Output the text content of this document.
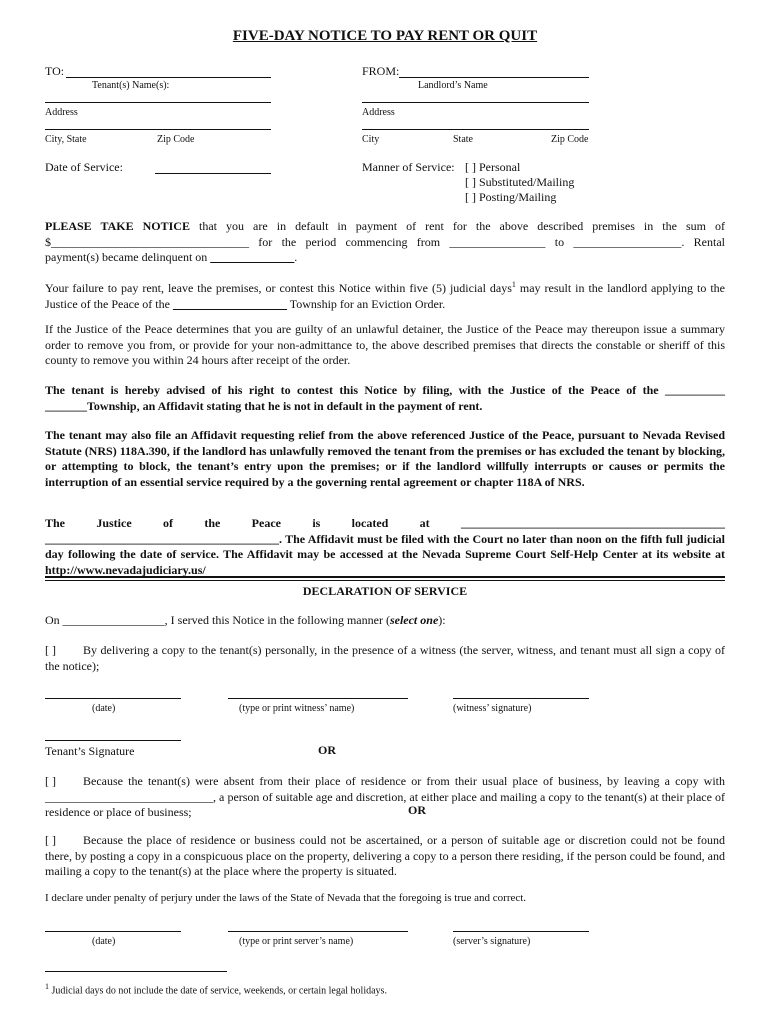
FIVE-DAY NOTICE TO PAY RENT OR QUIT
TO:
Tenant(s) Name(s):
Address
City, State	Zip Code
Date of Service:
FROM:
Landlord’s Name
Address
City	State	Zip Code
Manner of Service: [ ] Personal
[ ] Substituted/Mailing
[ ] Posting/Mailing
PLEASE TAKE NOTICE that you are in default in payment of rent for the above described premises in the sum of $_________________________________ for the period commencing from ________________ to __________________. Rental payment(s) became delinquent on ______________.
Your failure to pay rent, leave the premises, or contest this Notice within five (5) judicial days$^1$ may result in the landlord applying to the Justice of the Peace of the ___________________ Township for an Eviction Order.
If the Justice of the Peace determines that you are guilty of an unlawful detainer, the Justice of the Peace may thereupon issue a summary order to remove you from, or provide for your non-admittance to, the above described premises that directs the constable or sheriff of this county to remove you within 24 hours after receipt of the order.
The tenant is hereby advised of his right to contest this Notice by filing, with the Justice of the Peace of the __________ _______Township, an Affidavit stating that he is not in default in the payment of rent.
The tenant may also file an Affidavit requesting relief from the above referenced Justice of the Peace, pursuant to Nevada Revised Statute (NRS) 118A.390, if the landlord has unlawfully removed the tenant from the premises or has excluded the tenant by blocking, or attempting to block, the tenant’s entry upon the premises; or if the landlord willfully interrupts or causes or permits the interruption of an essential service required by a the governing rental agreement or chapter 118A of NRS.
The Justice of the Peace is located at	____________________________________________ _______________________________________. The Affidavit must be filed with the Court no later than noon on the fifth full judicial day following the date of service. The Affidavit may be accessed at the Nevada Supreme Court Self-Help Center at its website at http://www.nevadajudiciary.us/
DECLARATION OF SERVICE
On _________________, I served this Notice in the following manner (select one):
[ ] By delivering a copy to the tenant(s) personally, in the presence of a witness (the server, witness, and tenant must all sign a copy of the notice);
(date)	(type or print witness’ name)	(witness’ signature)
Tenant’s Signature	OR
[ ] Because the tenant(s) were absent from their place of residence or from their usual place of business, by leaving a copy with ____________________________, a person of suitable age and discretion, at either place and mailing a copy to the tenant(s) at their place of residence or place of business;	OR
[ ] Because the place of residence or business could not be ascertained, or a person of suitable age or discretion could not be found there, by posting a copy in a conspicuous place on the property, delivering a copy to a person there residing, if the person could be found, and mailing a copy to the tenant(s) at the place where the property is situated.
I declare under penalty of perjury under the laws of the State of Nevada that the foregoing is true and correct.
(date)	(type or print server’s name)	(server’s signature)
$^1$ Judicial days do not include the date of service, weekends, or certain legal holidays.
